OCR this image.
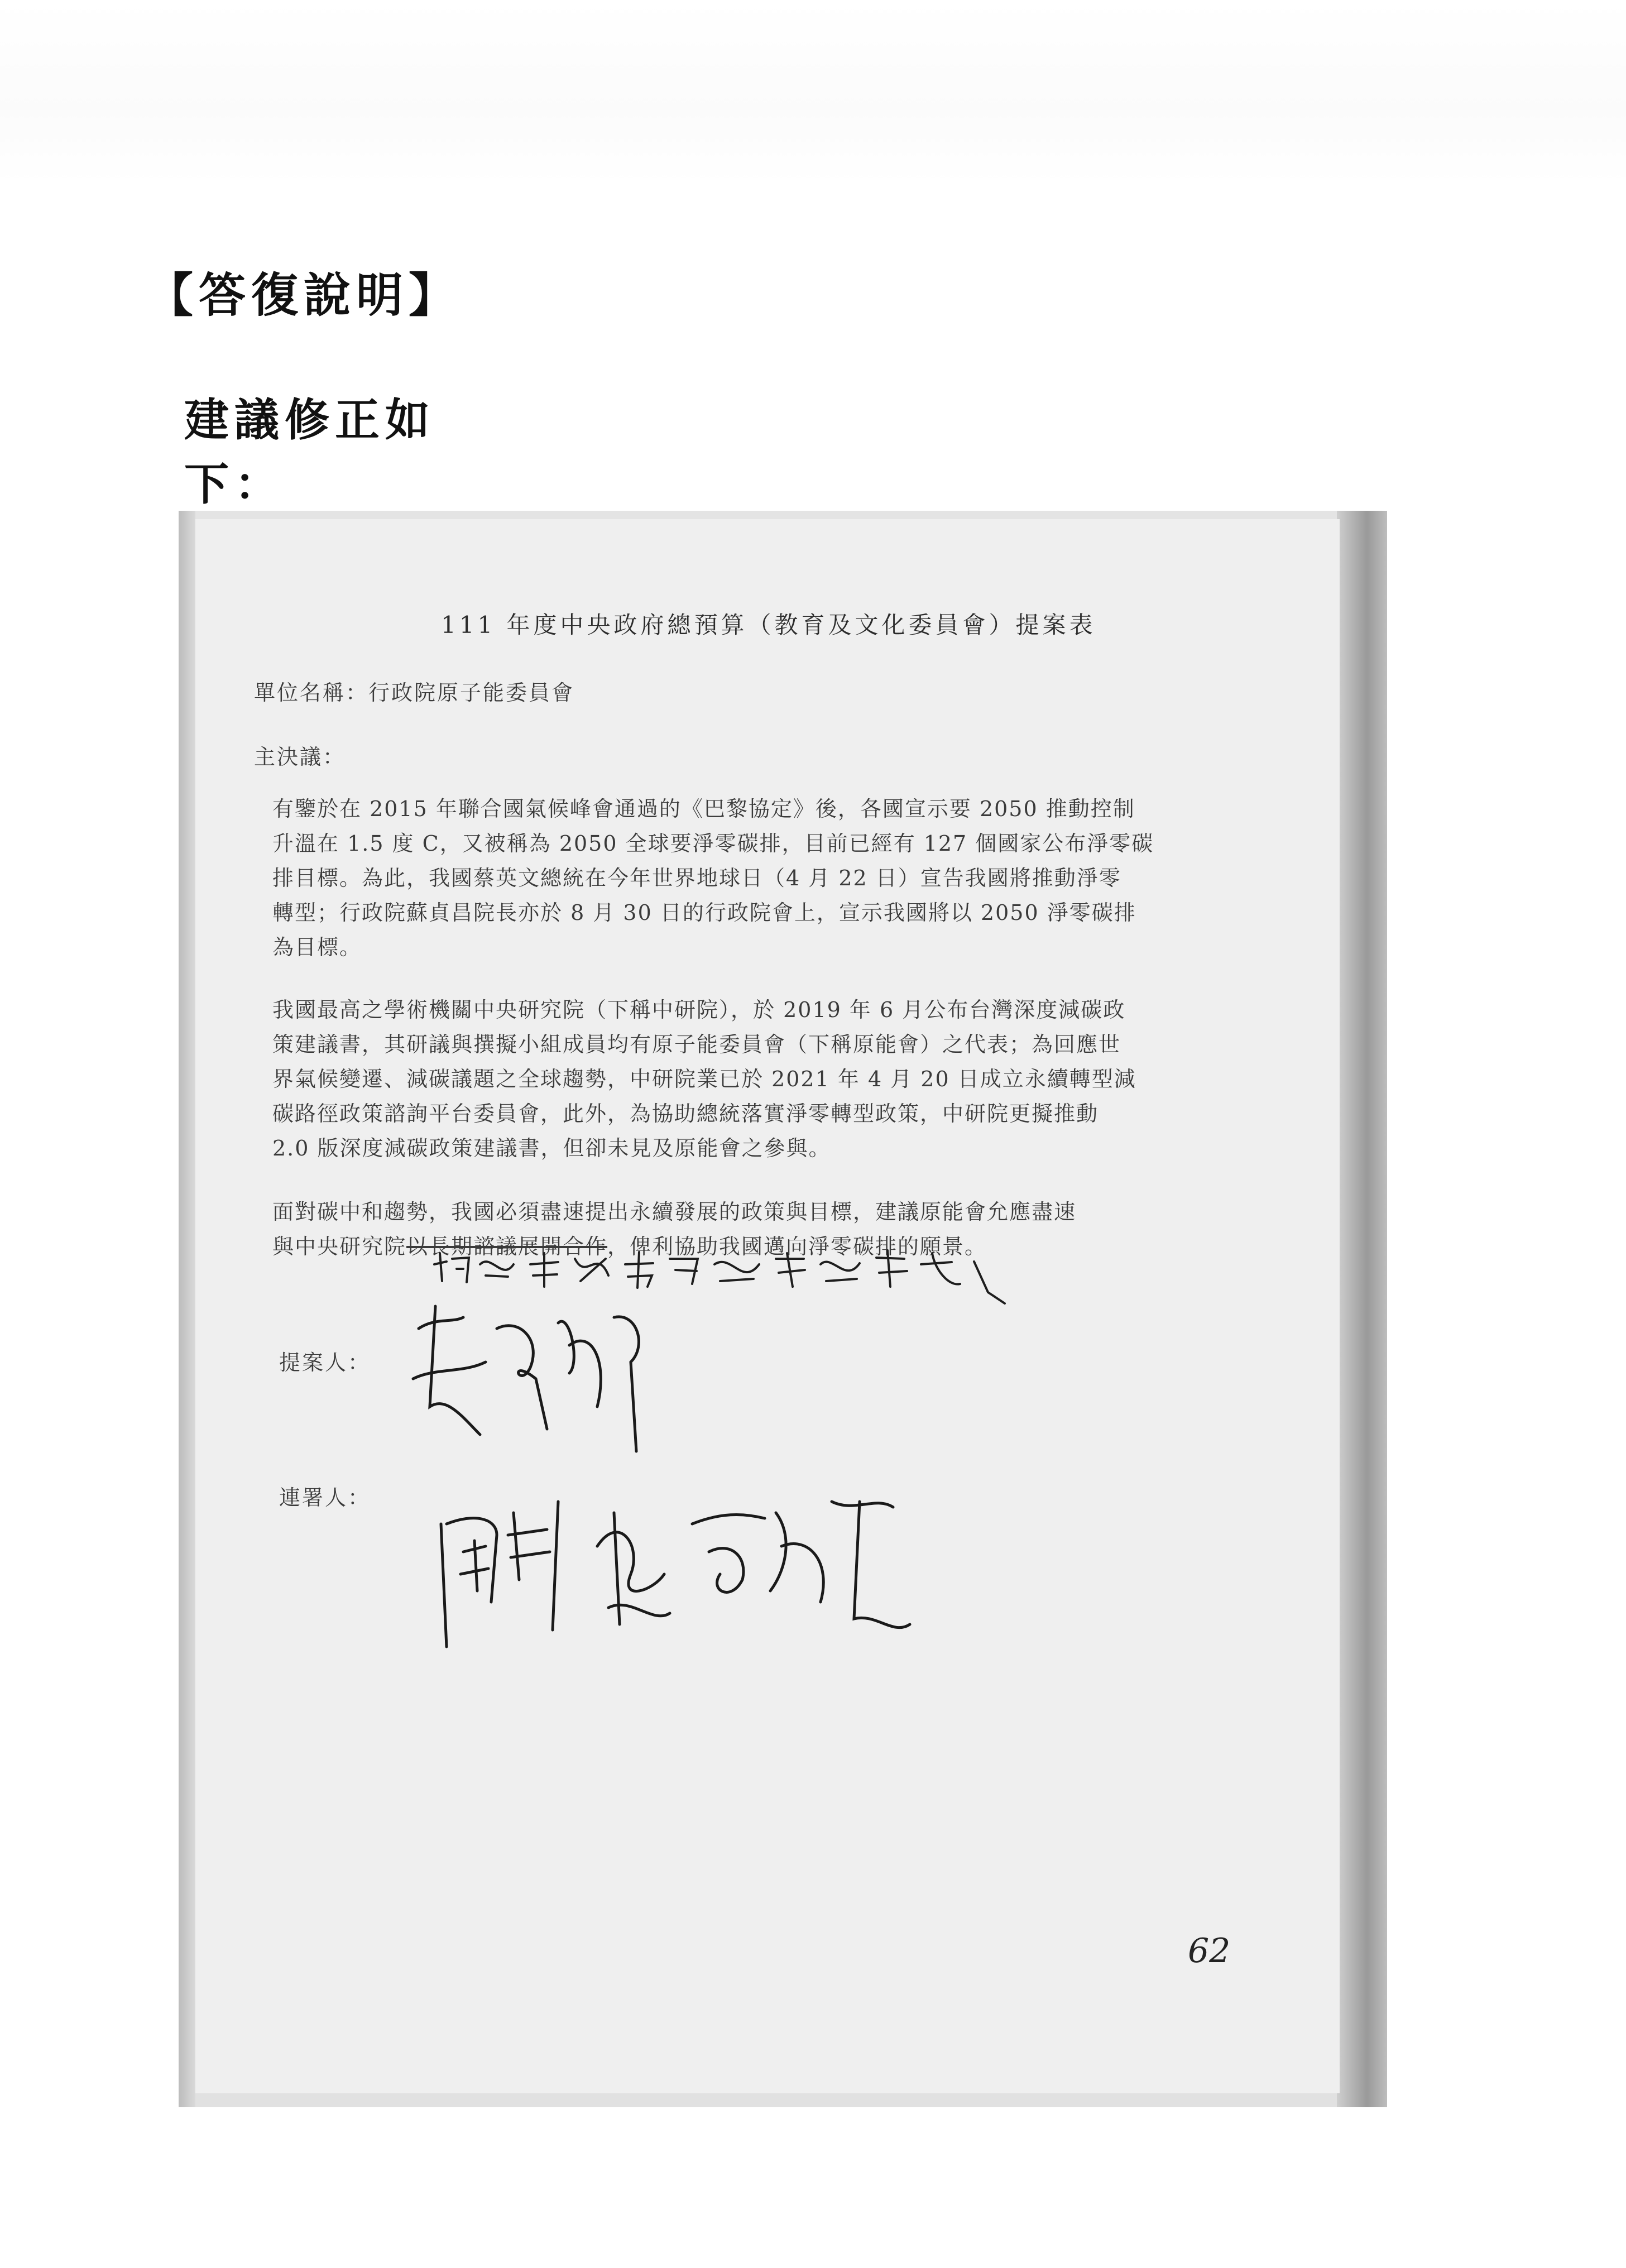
【答復說明】
建議修正如下：
111 年度中央政府總預算（教育及文化委員會）提案表
單位名稱：行政院原子能委員會
主決議：
有鑒於在 2015 年聯合國氣候峰會通過的《巴黎協定》後，各國宣示要 2050 推動控制
升溫在 1.5 度 C，又被稱為 2050 全球要淨零碳排，目前已經有 127 個國家公布淨零碳
排目標。為此，我國蔡英文總統在今年世界地球日（4 月 22 日）宣告我國將推動淨零
轉型；行政院蘇貞昌院長亦於 8 月 30 日的行政院會上，宣示我國將以 2050 淨零碳排
為目標。
我國最高之學術機關中央研究院（下稱中研院），於 2019 年 6 月公布台灣深度減碳政
策建議書，其研議與撰擬小組成員均有原子能委員會（下稱原能會）之代表；為回應世
界氣候變遷、減碳議題之全球趨勢，中研院業已於 2021 年 4 月 20 日成立永續轉型減
碳路徑政策諮詢平台委員會，此外，為協助總統落實淨零轉型政策，中研院更擬推動
2.0 版深度減碳政策建議書，但卻未見及原能會之參與。
面對碳中和趨勢，我國必須盡速提出永續發展的政策與目標，建議原能會允應盡速
與中央研究院以長期諮議展開合作，俾利協助我國邁向淨零碳排的願景。
提案人：
連署人：
62
